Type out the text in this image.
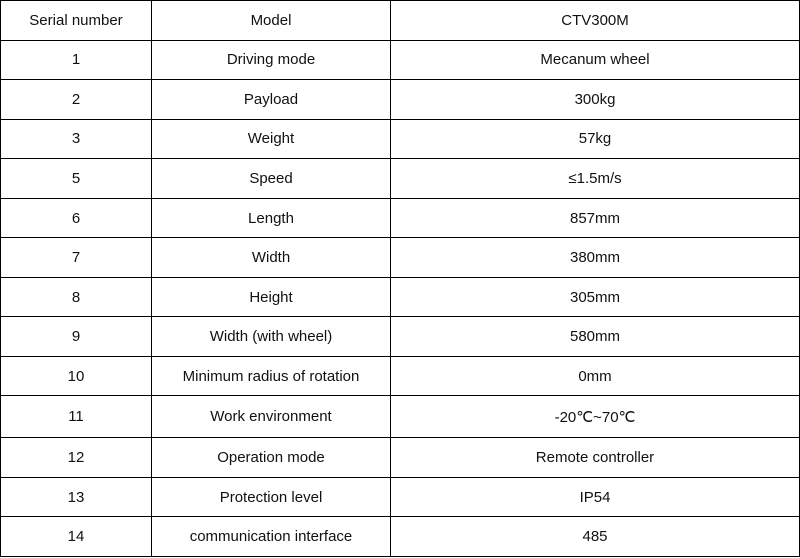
Serial number	Model	CTV300M
1	Driving mode	Mecanum wheel
2	Payload	300kg
3	Weight	57kg
5	Speed	≤1.5m/s
6	Length	857mm
7	Width	380mm
8	Height	305mm
9	Width (with wheel)	580mm
10	Minimum radius of rotation	0mm
11	Work environment	-20℃~70℃
12	Operation mode	Remote controller
13	Protection level	IP54
14	communication interface	485
